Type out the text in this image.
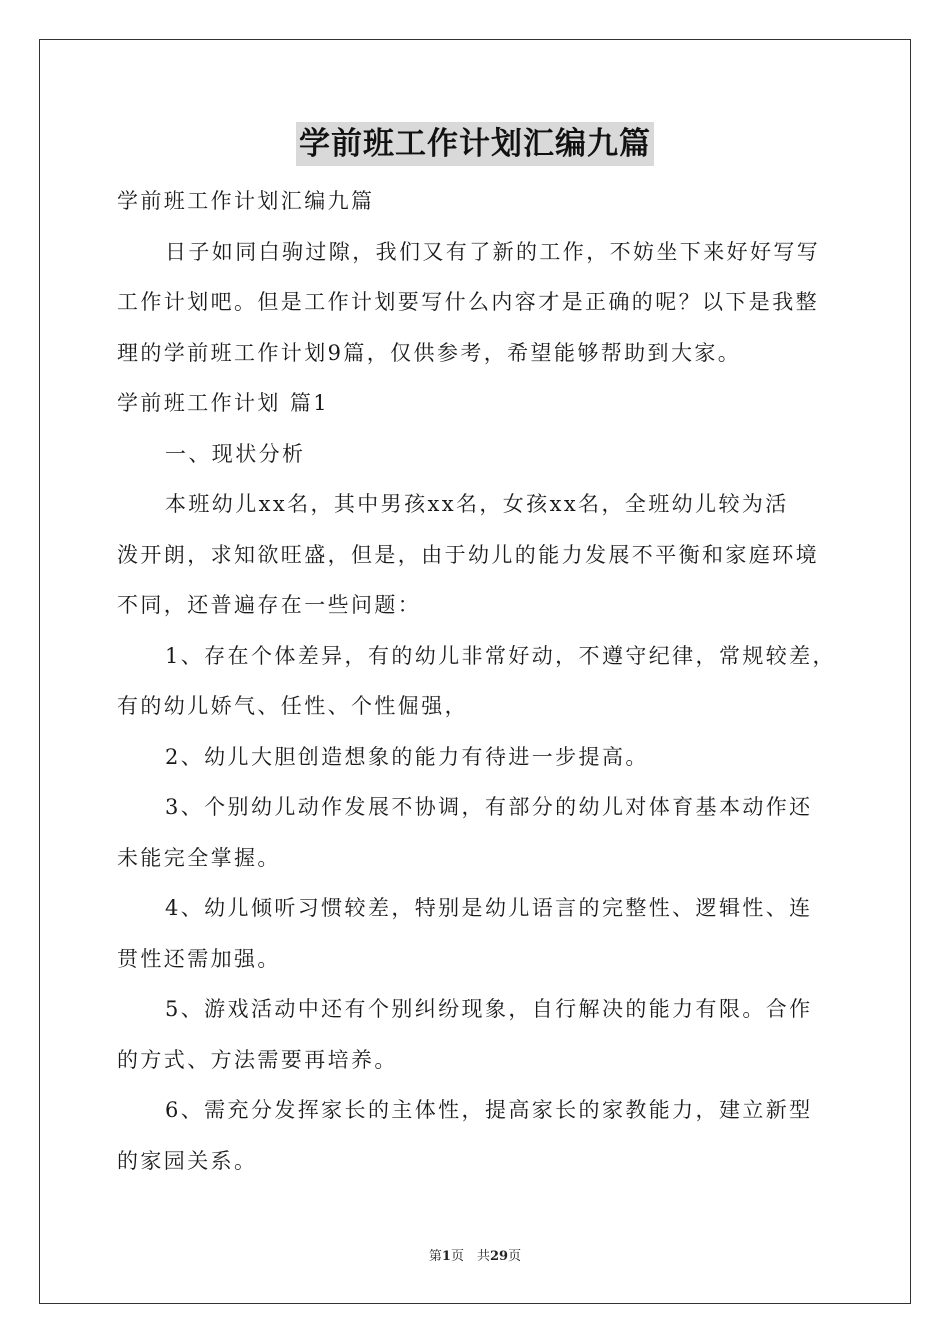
学前班工作计划汇编九篇
学前班工作计划汇编九篇
日子如同白驹过隙，我们又有了新的工作，不妨坐下来好好写写
工作计划吧。但是工作计划要写什么内容才是正确的呢？以下是我整
理的学前班工作计划9篇，仅供参考，希望能够帮助到大家。
学前班工作计划 篇1
一、现状分析
本班幼儿xx名，其中男孩xx名，女孩xx名，全班幼儿较为活
泼开朗，求知欲旺盛，但是，由于幼儿的能力发展不平衡和家庭环境
不同，还普遍存在一些问题：
1、存在个体差异，有的幼儿非常好动，不遵守纪律，常规较差，
有的幼儿娇气、任性、个性倔强，
2、幼儿大胆创造想象的能力有待进一步提高。
3、个别幼儿动作发展不协调，有部分的幼儿对体育基本动作还
未能完全掌握。
4、幼儿倾听习惯较差，特别是幼儿语言的完整性、逻辑性、连
贯性还需加强。
5、游戏活动中还有个别纠纷现象，自行解决的能力有限。合作
的方式、方法需要再培养。
6、需充分发挥家长的主体性，提高家长的家教能力，建立新型
的家园关系。
第1页　共29页
